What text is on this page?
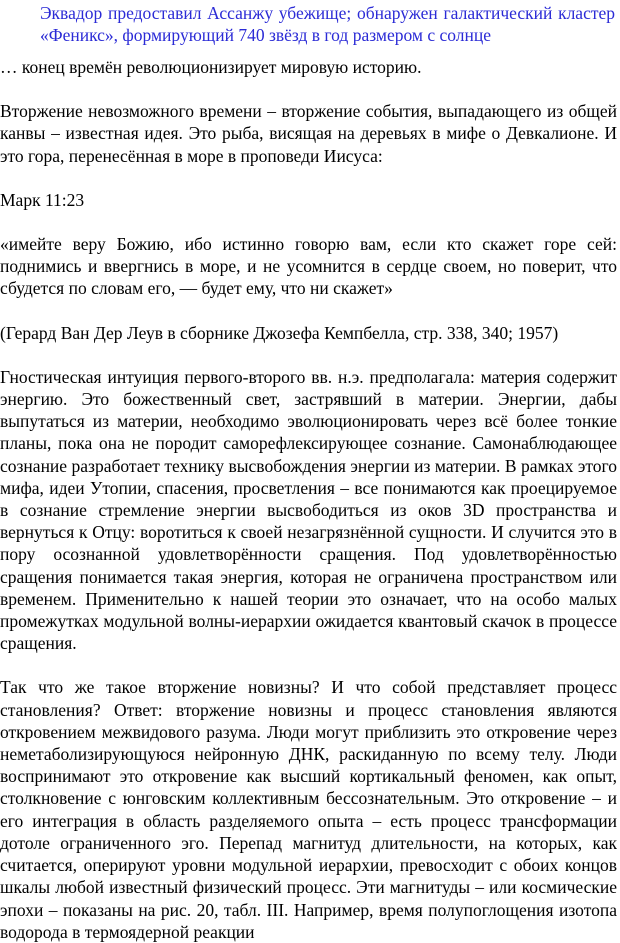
Эквадор предоставил Ассанжу убежище; обнаружен галактический кластер «Феникс», формирующий 740 звёзд в год размером с солнце

… конец времён революционизирует мировую историю.

Вторжение невозможного времени – вторжение события, выпадающего из общей канвы – известная идея. Это рыба, висящая на деревьях в мифе о Девкалионе. И это гора, перенесённая в море в проповеди Иисуса:

Марк 11:23

«имейте веру Божию, ибо истинно говорю вам, если кто скажет горе сей: поднимись и ввергнись в море, и не усомнится в сердце своем, но поверит, что сбудется по словам его, — будет ему, что ни скажет»

(Герард Ван Дер Леув в сборнике Джозефа Кемпбелла, стр. 338, 340; 1957)

Гностическая интуиция первого-второго вв. н.э. предполагала: материя содержит энергию. Это божественный свет, застрявший в материи. Энергии, дабы выпутаться из материи, необходимо эволюционировать через всё более тонкие планы, пока она не породит саморефлексирующее сознание. Самонаблюдающее сознание разработает технику высвобождения энергии из материи. В рамках этого мифа, идеи Утопии, спасения, просветления – все понимаются как проецируемое в сознание стремление энергии высвободиться из оков 3D пространства и вернуться к Отцу: воротиться к своей незагрязнённой сущности. И случится это в пору осознанной удовлетворённости сращения. Под удовлетворённостью сращения понимается такая энергия, которая не ограничена пространством или временем. Применительно к нашей теории это означает, что на особо малых промежутках модульной волны-иерархии ожидается квантовый скачок в процессе сращения.

Так что же такое вторжение новизны? И что собой представляет процесс становления? Ответ: вторжение новизны и процесс становления являются откровением межвидового разума. Люди могут приблизить это откровение через неметаболизирующуюся нейронную ДНК, раскиданную по всему телу. Люди воспринимают это откровение как высший кортикальный феномен, как опыт, столкновение с юнговским коллективным бессознательным. Это откровение – и его интеграция в область разделяемого опыта – есть процесс трансформации дотоле ограниченного эго. Перепад магнитуд длительности, на которых, как считается, оперируют уровни модульной иерархии, превосходит с обоих концов шкалы любой известный физический процесс. Эти магнитуды – или космические эпохи – показаны на рис. 20, табл. III. Например, время полупоглощения изотопа водорода в термоядерной реакции
